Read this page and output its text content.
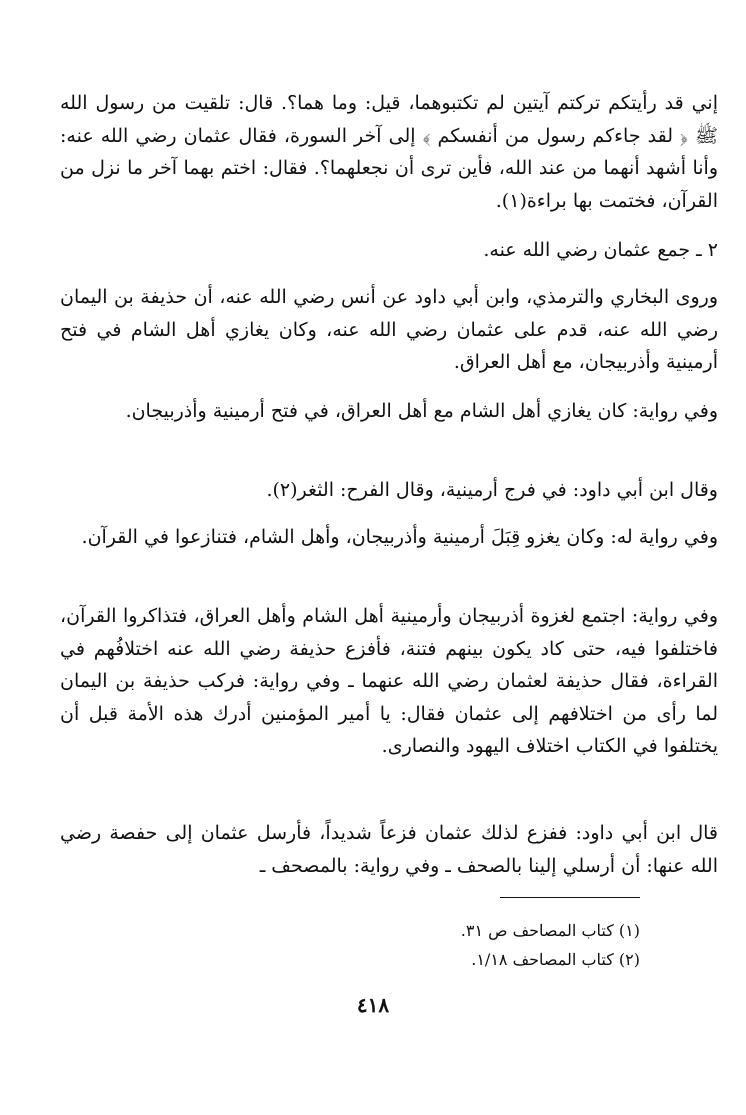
إني قد رأيتكم تركتم آيتين لم تكتبوهما، قيل: وما هما؟. قال: تلقيت من رسول الله ﷺ ﴿ لقد جاءكم رسول من أنفسكم ﴾ إلى آخر السورة، فقال عثمان رضي الله عنه: وأنا أشهد أنهما من عند الله، فأين ترى أن نجعلهما؟. فقال: اختم بهما آخر ما نزل من القرآن، فختمت بها براءة(١).
٢ ـ جمع عثمان رضي الله عنه.
وروى البخاري والترمذي، وابن أبي داود عن أنس رضي الله عنه، أن حذيفة بن اليمان رضي الله عنه، قدم على عثمان رضي الله عنه، وكان يغازي أهل الشام في فتح أرمينية وأذربيجان، مع أهل العراق.
وفي رواية: كان يغازي أهل الشام مع أهل العراق، في فتح أرمينية وأذربيجان.
وقال ابن أبي داود: في فرج أرمينية، وقال الفرح: الثغر(٢).
وفي رواية له: وكان يغزو قِبَلَ أرمينية وأذربيجان، وأهل الشام، فتنازعوا في القرآن.
وفي رواية: اجتمع لغزوة أذربيجان وأرمينية أهل الشام وأهل العراق، فتذاكروا القرآن، فاختلفوا فيه، حتى كاد يكون بينهم فتنة، فأفزع حذيفة رضي الله عنه اختلافُهم في القراءة، فقال حذيفة لعثمان رضي الله عنهما ـ وفي رواية: فركب حذيفة بن اليمان لما رأى من اختلافهم إلى عثمان فقال: يا أمير المؤمنين أدرك هذه الأمة قبل أن يختلفوا في الكتاب اختلاف اليهود والنصارى.
قال ابن أبي داود: ففزع لذلك عثمان فزعاً شديداً، فأرسل عثمان إلى حفصة رضي الله عنها: أن أرسلي إلينا بالصحف ـ وفي رواية: بالمصحف ـ
(١) كتاب المصاحف ص ٣١.
(٢) كتاب المصاحف ١/١٨.
٤١٨
